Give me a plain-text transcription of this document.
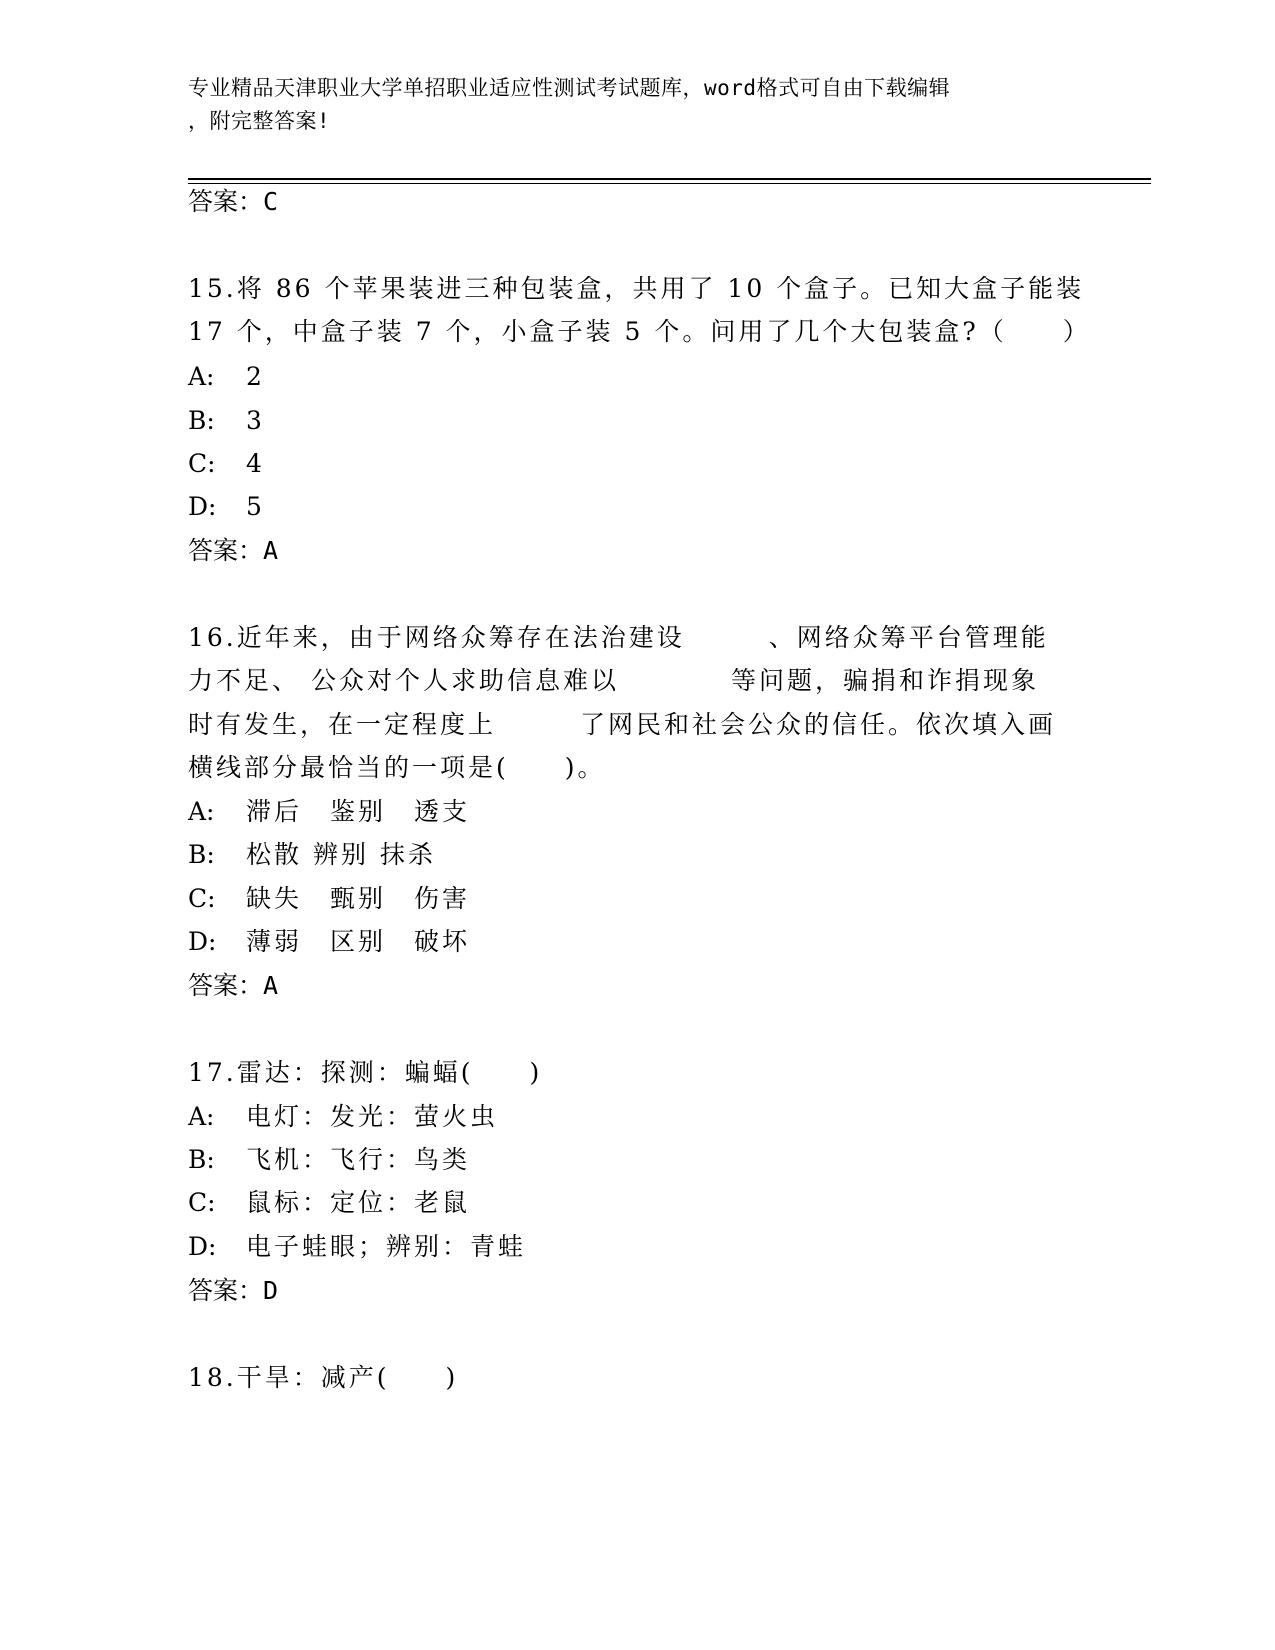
专业精品天津职业大学单招职业适应性测试考试题库，word格式可自由下载编辑
，附完整答案!
答案：C
15.将 86 个苹果装进三种包装盒，共用了 10 个盒子。已知大盒子能装
17 个，中盒子装 7 个，小盒子装 5 个。问用了几个大包装盒?（　　）
A: 2
B: 3
C: 4
D: 5
答案：A
16.近年来，由于网络众筹存在法治建设　　　、网络众筹平台管理能
力不足、 公众对个人求助信息难以　　　　等问题，骗捐和诈捐现象
时有发生，在一定程度上　　　了网民和社会公众的信任。依次填入画
横线部分最恰当的一项是(　　)。
A: 滞后　鉴别　透支
B: 松散 辨别 抹杀
C: 缺失　甄别　伤害
D: 薄弱　区别　破坏
答案：A
17.雷达：探测：蝙蝠(　　)
A: 电灯：发光：萤火虫
B: 飞机：飞行：鸟类
C: 鼠标：定位：老鼠
D: 电子蛙眼；辨别：青蛙
答案：D
18.干旱：减产(　　)
